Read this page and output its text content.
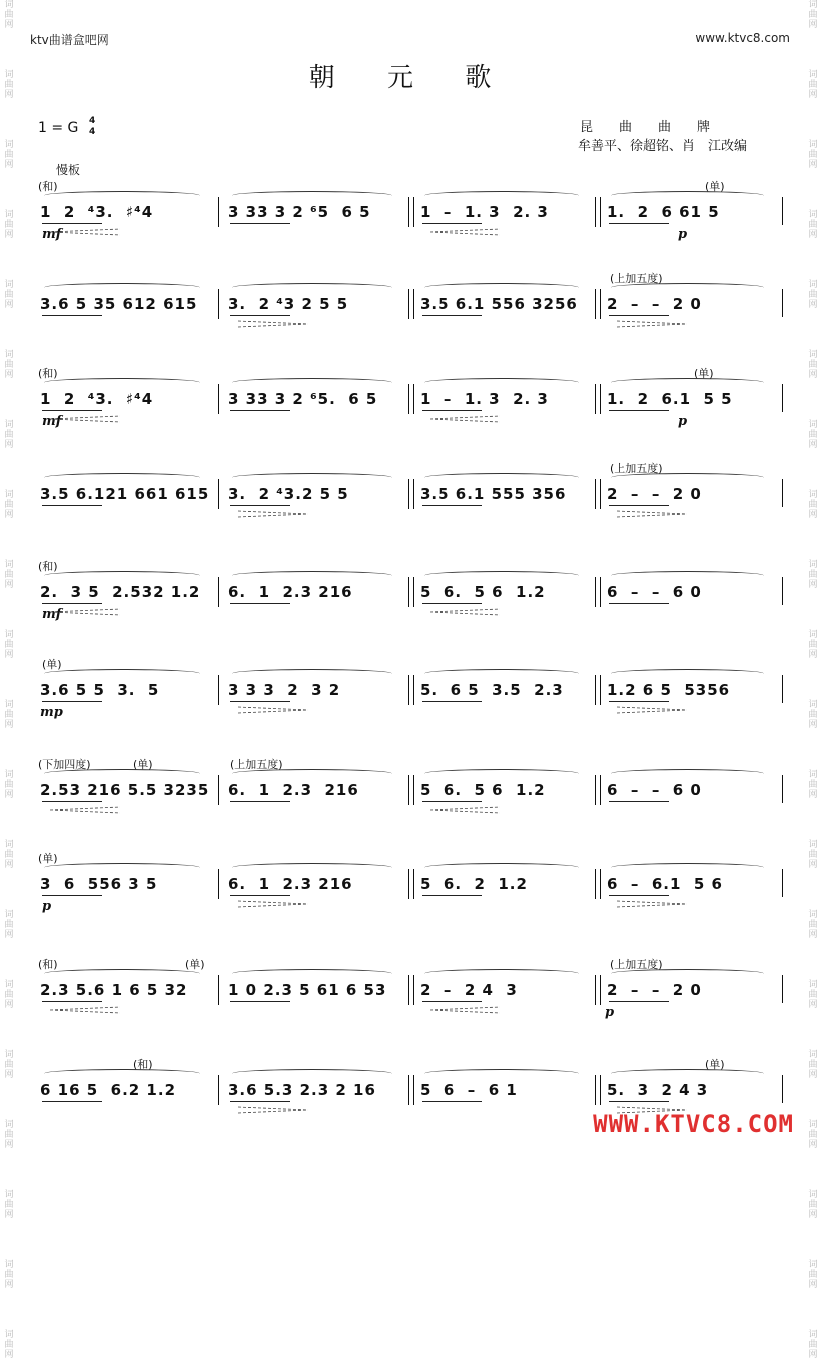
词
曲
网
词
曲
网
词
曲
网
词
曲
网
词
曲
网
词
曲
网
词
曲
网
词
曲
网
词
曲
网
词
曲
网
词
曲
网
词
曲
网
词
曲
网
词
曲
网
词
曲
网
词
曲
网
词
曲
网
词
曲
网
词
曲
网
词
曲
网
词
曲
网
词
曲
网
词
曲
网
词
曲
网
词
曲
网
词
曲
网
词
曲
网
词
曲
网
词
曲
网
词
曲
网
词
曲
网
词
曲
网
词
曲
网
词
曲
网
词
曲
网
词
曲
网
词
曲
网
词
曲
网
词
曲
网
词
曲
网
ktv曲谱盒吧网	www.ktvc8.com
朝 元 歌
1 = G 4
4	昆曲曲牌
牟善平、徐超铭、肖　江改编
慢板
(和)	(单)
mf	p
1  2  ⁴3.  ♯⁴4	3 33 3 2 ⁶5  6 5	1  –  1. 3  2. 3	1.  2  6 61 5
(上加五度)
3.6 5 35 612 615	3.  2 ⁴3 2 5 5	3.5 6.1 556 3256	2  –  –  2 0
(和)	(单)
mf	p
1  2  ⁴3.  ♯⁴4	3 33 3 2 ⁶5.  6 5	1  –  1. 3  2. 3	1.  2  6.1  5 5
(上加五度)
3.5 6.121 661 615 3.  2 ⁴3.2 5 5	3.5 6.1 555 356	2  –  –  2 0
(和)
mf
2.  3 5  2.532 1.2	6.  1  2.3 216	5  6.  5 6  1.2	6  –  –  6 0
(单)
mp
3.6 5 5  3.  5	3 3 3  2  3 2	5.  6 5  3.5  2.3	1.2 6 5  5356
(下加四度)	(单)	(上加五度)
2.53 216 5.5 3235 6.  1  2.3  216	5  6.  5 6  1.2	6  –  –  6 0
(单)
p
3  6  556 3 5	6.  1  2.3 216	5  6.  2  1.2	6  –  6.1  5 6
(和)	(单)	(上加五度)
p
2.3 5.6 1 6 5 32	1 0 2.3 5 61 6 53	2  –  2 4  3	2  –  –  2 0
(和)	(单)
6 16 5  6.2 1.2	3.6 5.3 2.3 2 16	5  6  –  6 1	5.  3  2 4 3
WWW.KTVC8.COM
